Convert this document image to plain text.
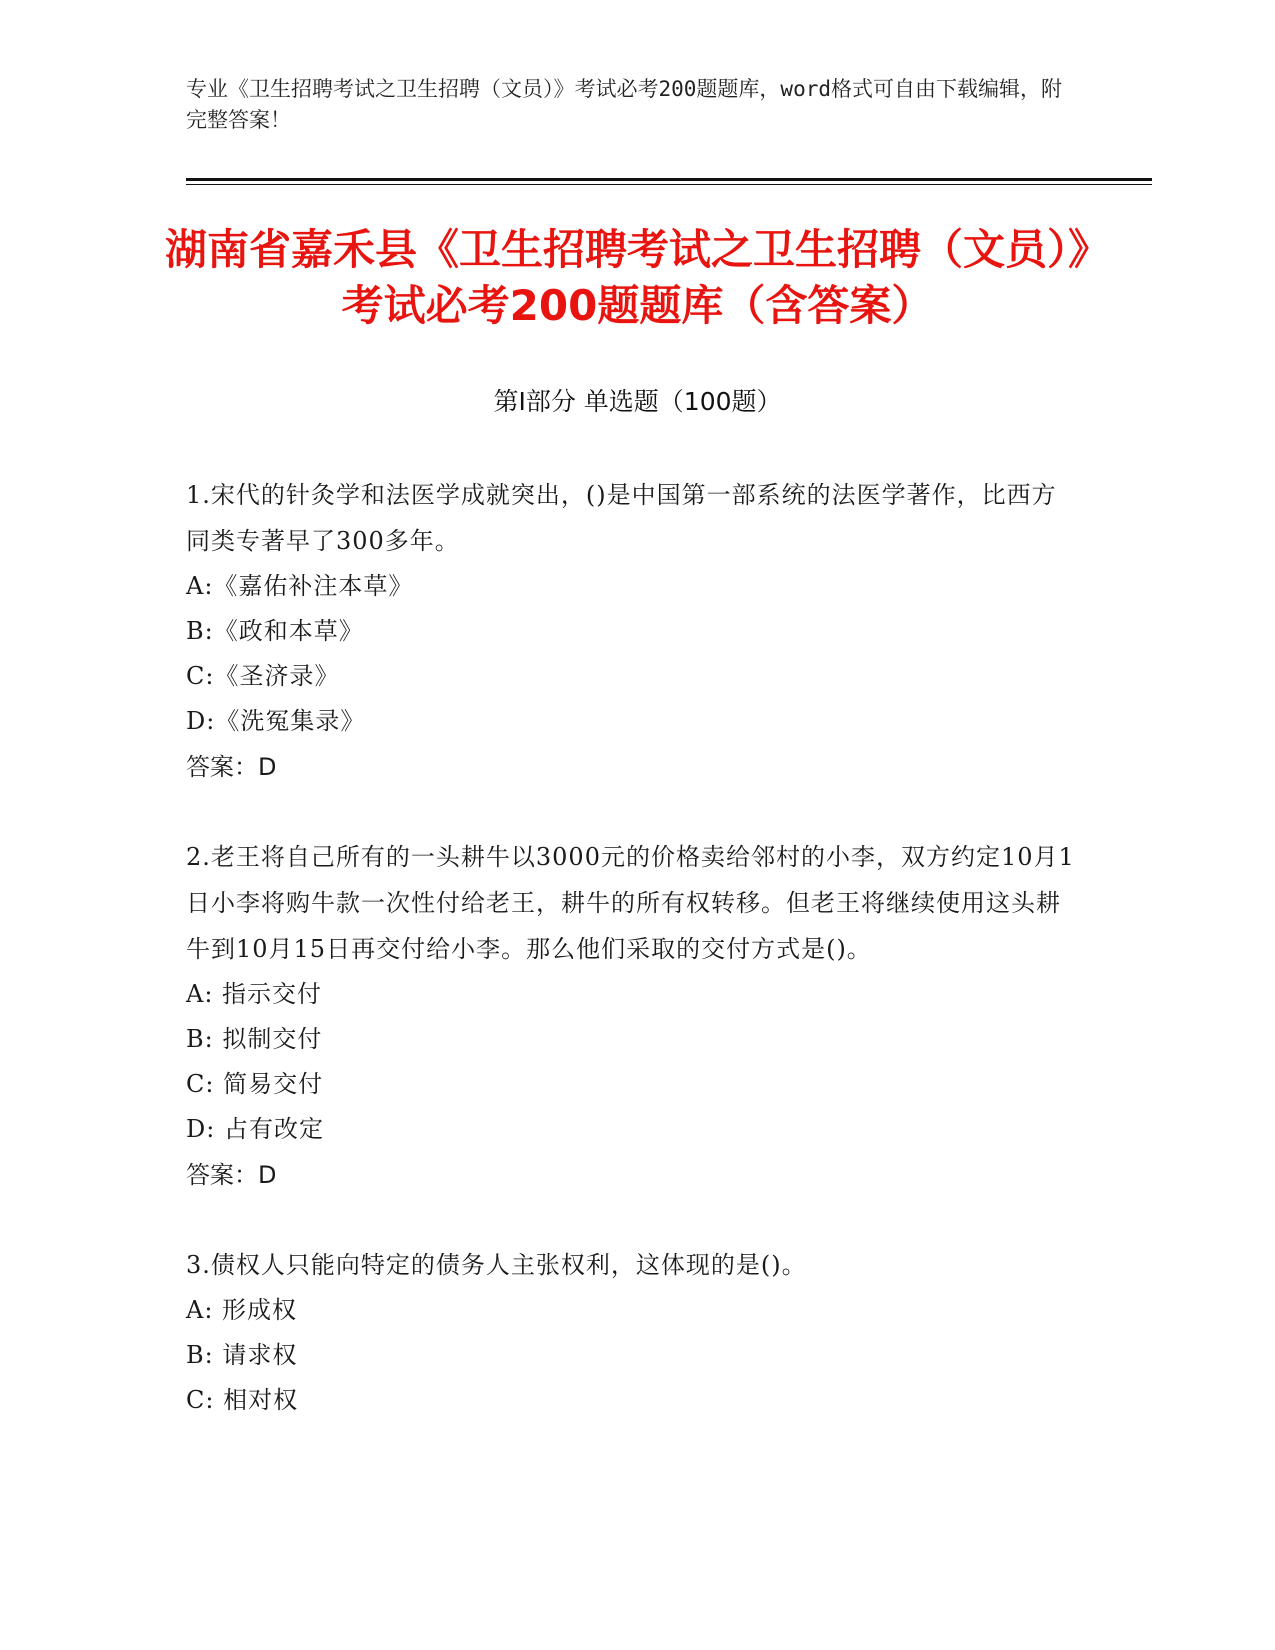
专业《卫生招聘考试之卫生招聘（文员）》考试必考200题题库，word格式可自由下载编辑，附完整答案！
湖南省嘉禾县《卫生招聘考试之卫生招聘（文员）》考试必考200题题库（含答案）
第Ⅰ部分 单选题（100题）
1.宋代的针灸学和法医学成就突出，()是中国第一部系统的法医学著作，比西方同类专著早了300多年。
A:《嘉佑补注本草》
B:《政和本草》
C:《圣济录》
D:《洗冤集录》
答案：D
2.老王将自己所有的一头耕牛以3000元的价格卖给邻村的小李，双方约定10月1日小李将购牛款一次性付给老王，耕牛的所有权转移。但老王将继续使用这头耕牛到10月15日再交付给小李。那么他们采取的交付方式是()。
A: 指示交付
B: 拟制交付
C: 简易交付
D: 占有改定
答案：D
3.债权人只能向特定的债务人主张权利，这体现的是()。
A: 形成权
B: 请求权
C: 相对权
